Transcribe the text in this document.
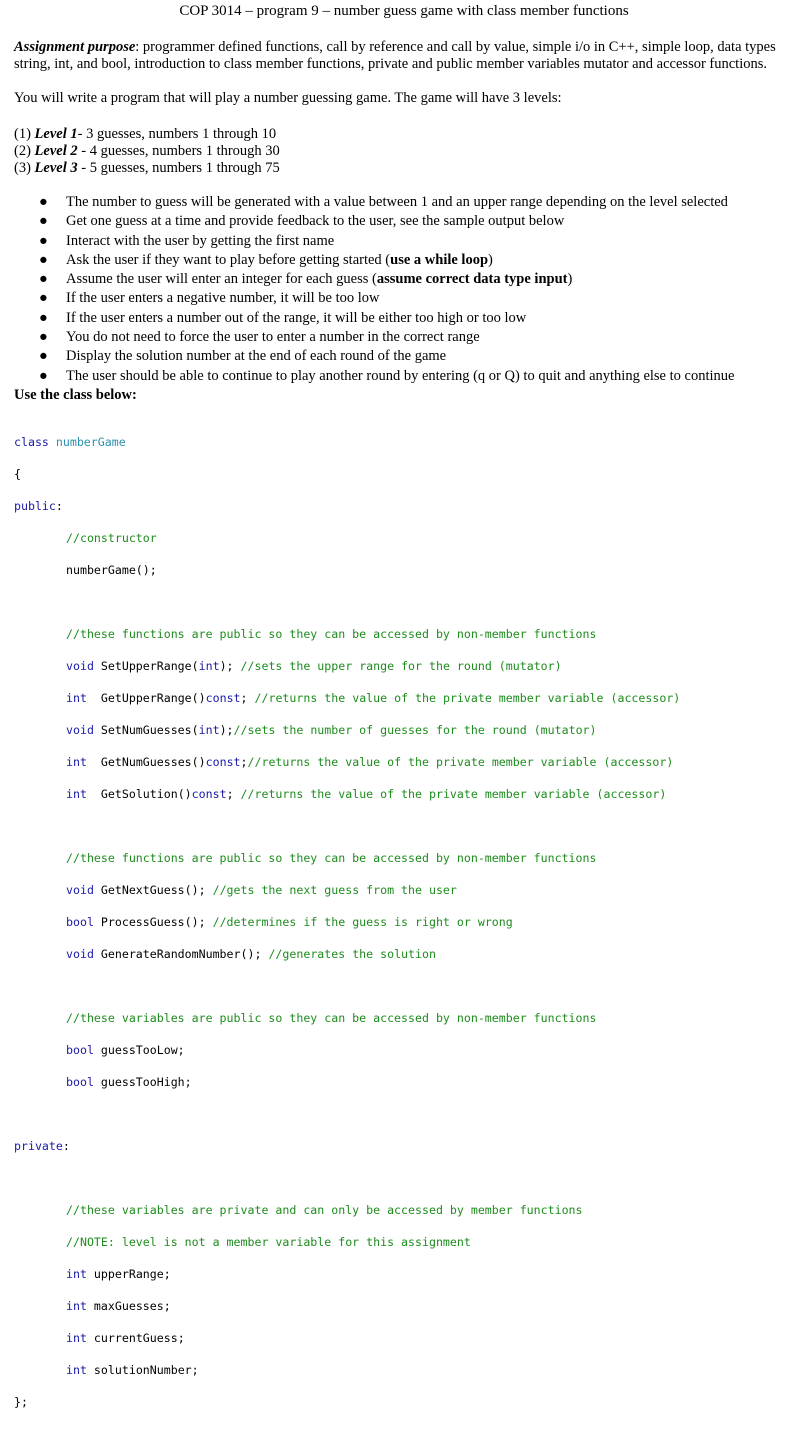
COP 3014 – program 9 – number guess game with class member functions
Assignment purpose: programmer defined functions, call by reference and call by value, simple i/o in C++, simple loop, data types string, int, and bool, introduction to class member functions, private and public member variables mutator and accessor functions.
You will write a program that will play a number guessing game. The game will have 3 levels:
(1) Level 1- 3 guesses, numbers 1 through 10
(2) Level 2 - 4 guesses, numbers 1 through 30
(3) Level 3 - 5 guesses, numbers 1 through 75
● The number to guess will be generated with a value between 1 and an upper range depending on the level selected
● Get one guess at a time and provide feedback to the user, see the sample output below
● Interact with the user by getting the first name
● Ask the user if they want to play before getting started (use a while loop)
● Assume the user will enter an integer for each guess (assume correct data type input)
● If the user enters a negative number, it will be too low
● If the user enters a number out of the range, it will be either too high or too low
● You do not need to force the user to enter a number in the correct range
● Display the solution number at the end of each round of the game
● The user should be able to continue to play another round by entering (q or Q) to quit and anything else to continue
Use the class below:

class numberGame

{

public:

//constructor

numberGame();

//these functions are public so they can be accessed by non-member functions

void SetUpperRange(int); //sets the upper range for the round (mutator)

int  GetUpperRange()const; //returns the value of the private member variable (accessor)

void SetNumGuesses(int);//sets the number of guesses for the round (mutator)

int  GetNumGuesses()const;//returns the value of the private member variable (accessor)

int  GetSolution()const; //returns the value of the private member variable (accessor)

//these functions are public so they can be accessed by non-member functions

void GetNextGuess(); //gets the next guess from the user

bool ProcessGuess(); //determines if the guess is right or wrong

void GenerateRandomNumber(); //generates the solution

//these variables are public so they can be accessed by non-member functions

bool guessTooLow;

bool guessTooHigh;

private:

//these variables are private and can only be accessed by member functions

//NOTE: level is not a member variable for this assignment

int upperRange;

int maxGuesses;

int currentGuess;

int solutionNumber;

};
